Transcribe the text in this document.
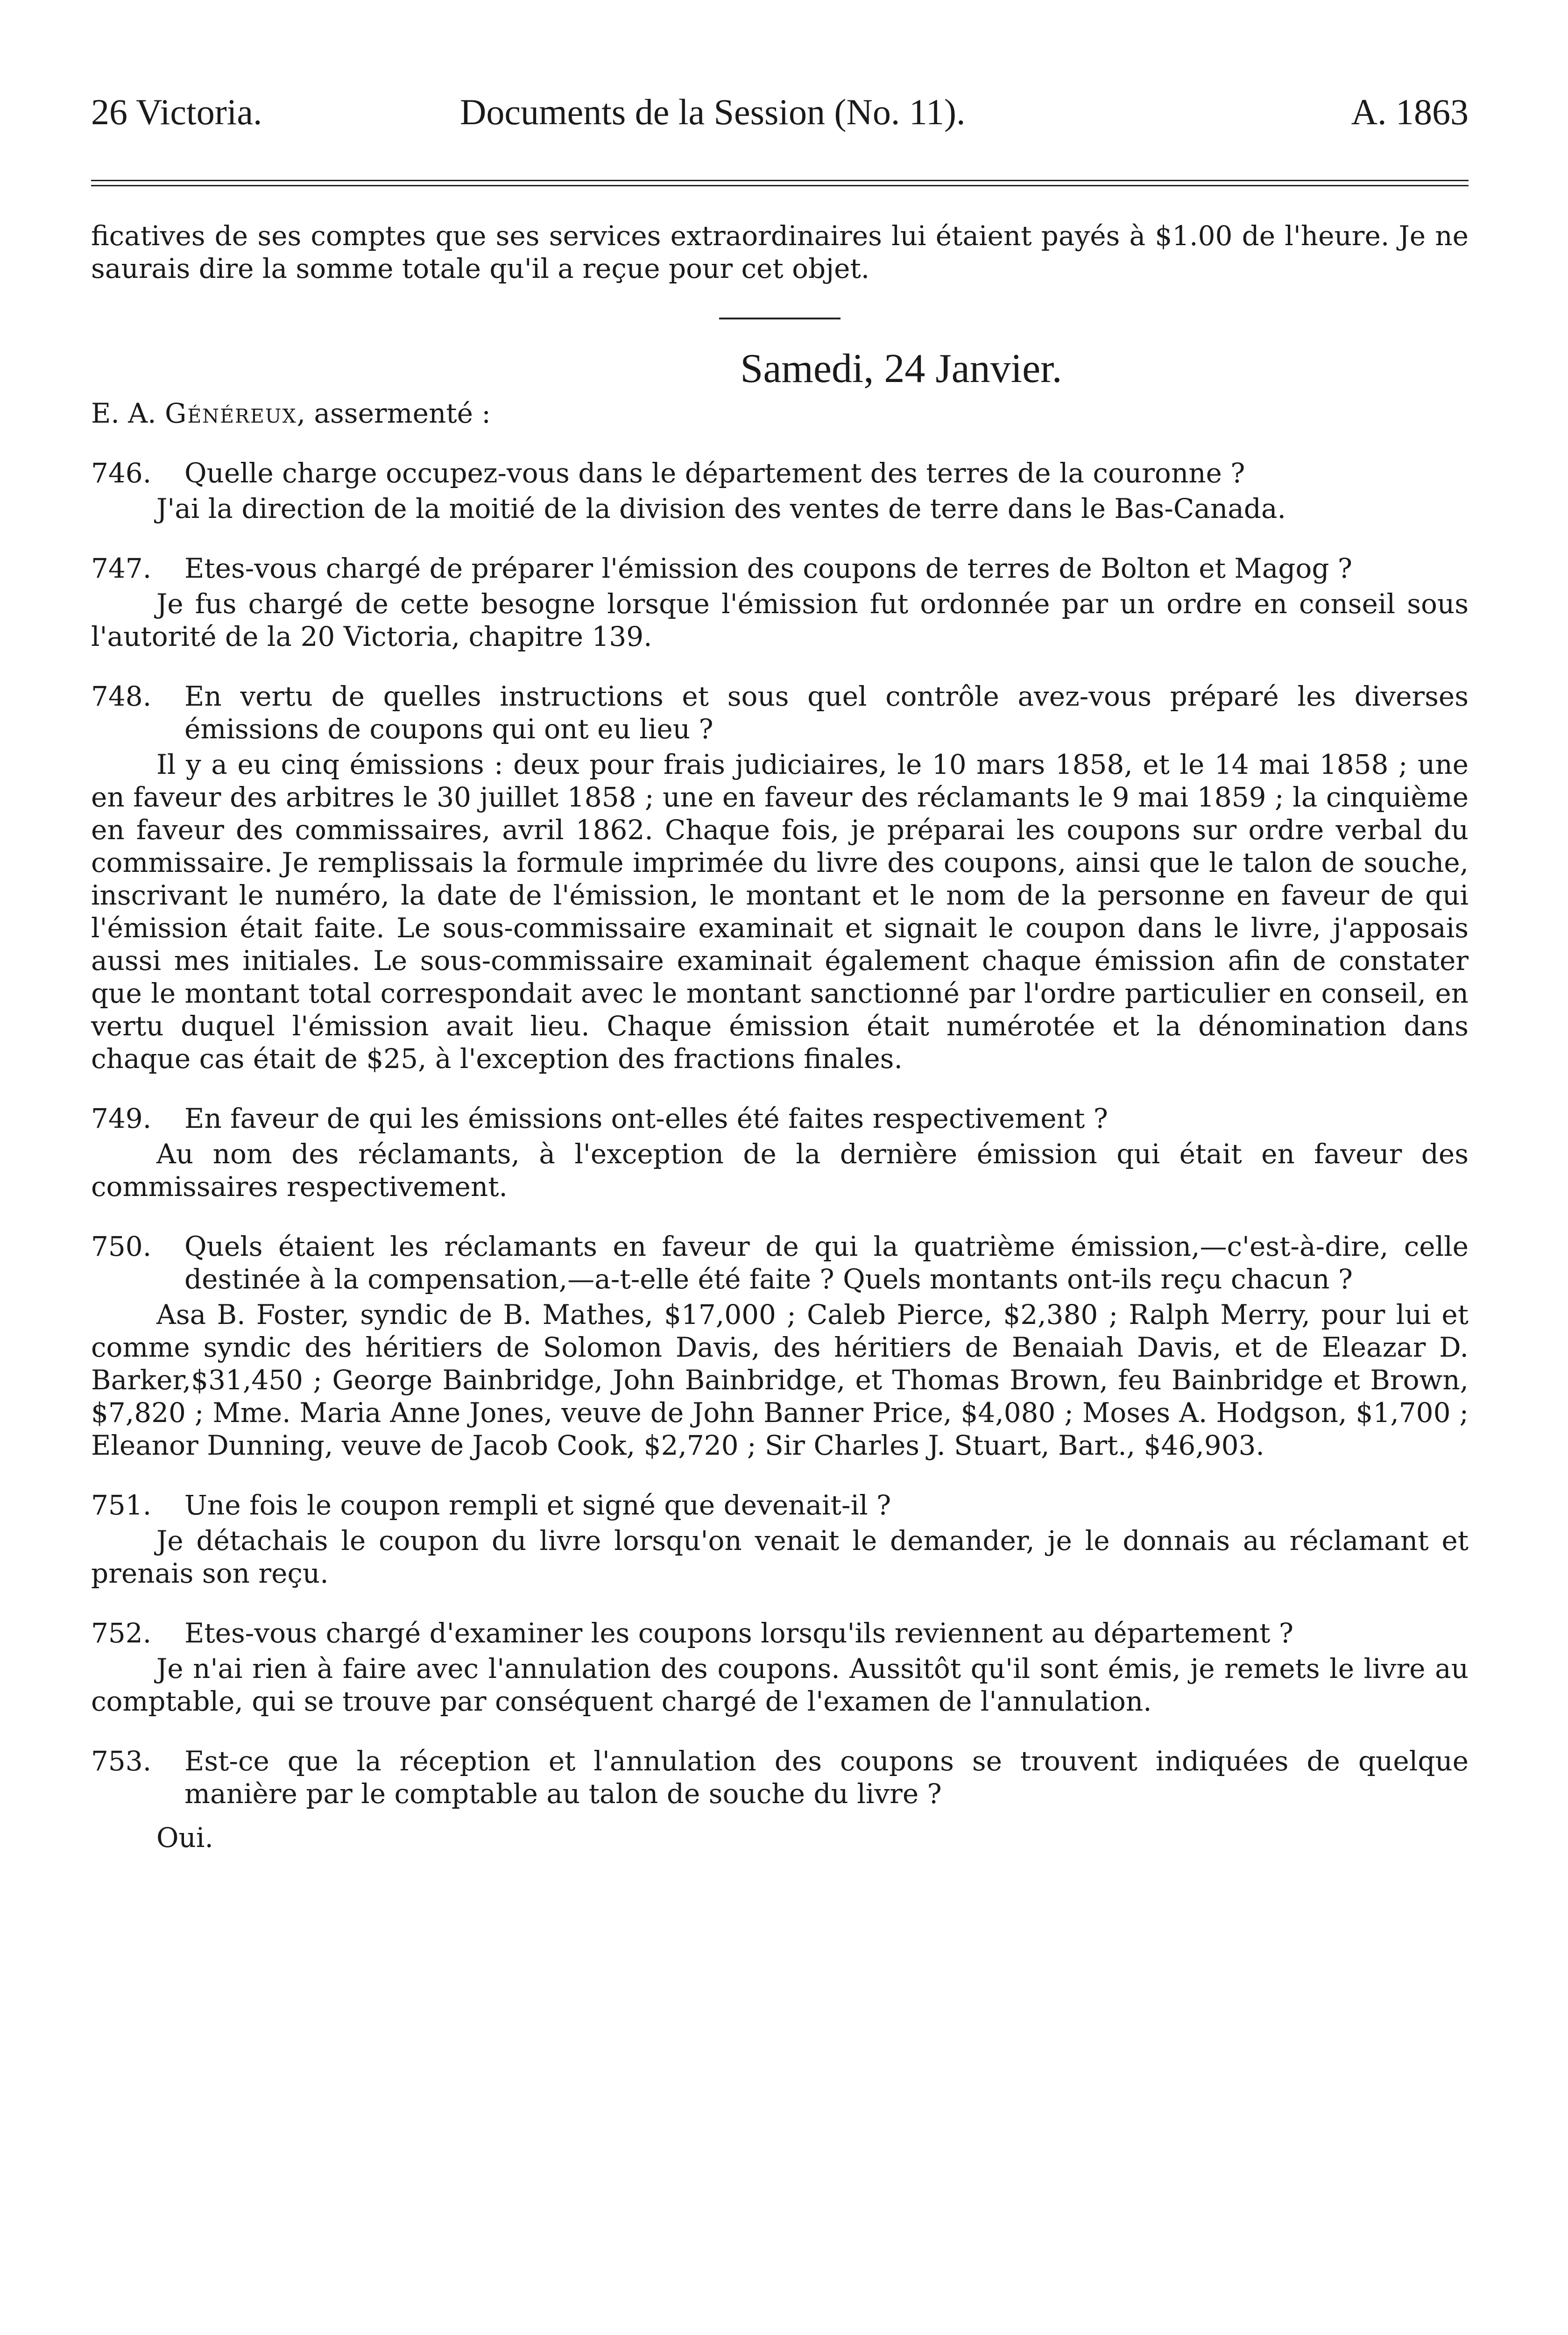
26 Victoria.	Documents de la Session (No. 11).	A. 1863

ficatives de ses comptes que ses services extraordinaires lui étaient payés à $1.00 de l'heure. Je ne saurais dire la somme totale qu'il a reçue pour cet objet.

Samedi, 24 Janvier.

E. A. Généreux, assermenté :

746. Quelle charge occupez-vous dans le département des terres de la couronne ?

J'ai la direction de la moitié de la division des ventes de terre dans le Bas-Canada.

747. Etes-vous chargé de préparer l'émission des coupons de terres de Bolton et Magog ?

Je fus chargé de cette besogne lorsque l'émission fut ordonnée par un ordre en conseil sous l'autorité de la 20 Victoria, chapitre 139.

748. En vertu de quelles instructions et sous quel contrôle avez-vous préparé les diverses émissions de coupons qui ont eu lieu ?

Il y a eu cinq émissions : deux pour frais judiciaires, le 10 mars 1858, et le 14 mai 1858 ; une en faveur des arbitres le 30 juillet 1858 ; une en faveur des réclamants le 9 mai 1859 ; la cinquième en faveur des commissaires, avril 1862. Chaque fois, je préparai les coupons sur ordre verbal du commissaire. Je remplissais la formule imprimée du livre des coupons, ainsi que le talon de souche, inscrivant le numéro, la date de l'émission, le montant et le nom de la personne en faveur de qui l'émission était faite. Le sous-commissaire examinait et signait le coupon dans le livre, j'apposais aussi mes initiales. Le sous-commissaire examinait également chaque émission afin de constater que le montant total correspondait avec le montant sanctionné par l'ordre particulier en conseil, en vertu duquel l'émission avait lieu. Chaque émission était numérotée et la dénomination dans chaque cas était de $25, à l'exception des fractions finales.

749. En faveur de qui les émissions ont-elles été faites respectivement ?

Au nom des réclamants, à l'exception de la dernière émission qui était en faveur des commissaires respectivement.

750. Quels étaient les réclamants en faveur de qui la quatrième émission,—c'est-à-dire, celle destinée à la compensation,—a-t-elle été faite ? Quels montants ont-ils reçu chacun ?

Asa B. Foster, syndic de B. Mathes, $17,000 ; Caleb Pierce, $2,380 ; Ralph Merry, pour lui et comme syndic des héritiers de Solomon Davis, des héritiers de Benaiah Davis, et de Eleazar D. Barker,$31,450 ; George Bainbridge, John Bainbridge, et Thomas Brown, feu Bainbridge et Brown, $7,820 ; Mme. Maria Anne Jones, veuve de John Banner Price, $4,080 ; Moses A. Hodgson, $1,700 ; Eleanor Dunning, veuve de Jacob Cook, $2,720 ; Sir Charles J. Stuart, Bart., $46,903.

751. Une fois le coupon rempli et signé que devenait-il ?

Je détachais le coupon du livre lorsqu'on venait le demander, je le donnais au réclamant et prenais son reçu.

752. Etes-vous chargé d'examiner les coupons lorsqu'ils reviennent au département ?

Je n'ai rien à faire avec l'annulation des coupons. Aussitôt qu'il sont émis, je remets le livre au comptable, qui se trouve par conséquent chargé de l'examen de l'annulation.

753. Est-ce que la réception et l'annulation des coupons se trouvent indiquées de quelque manière par le comptable au talon de souche du livre ?

Oui.
